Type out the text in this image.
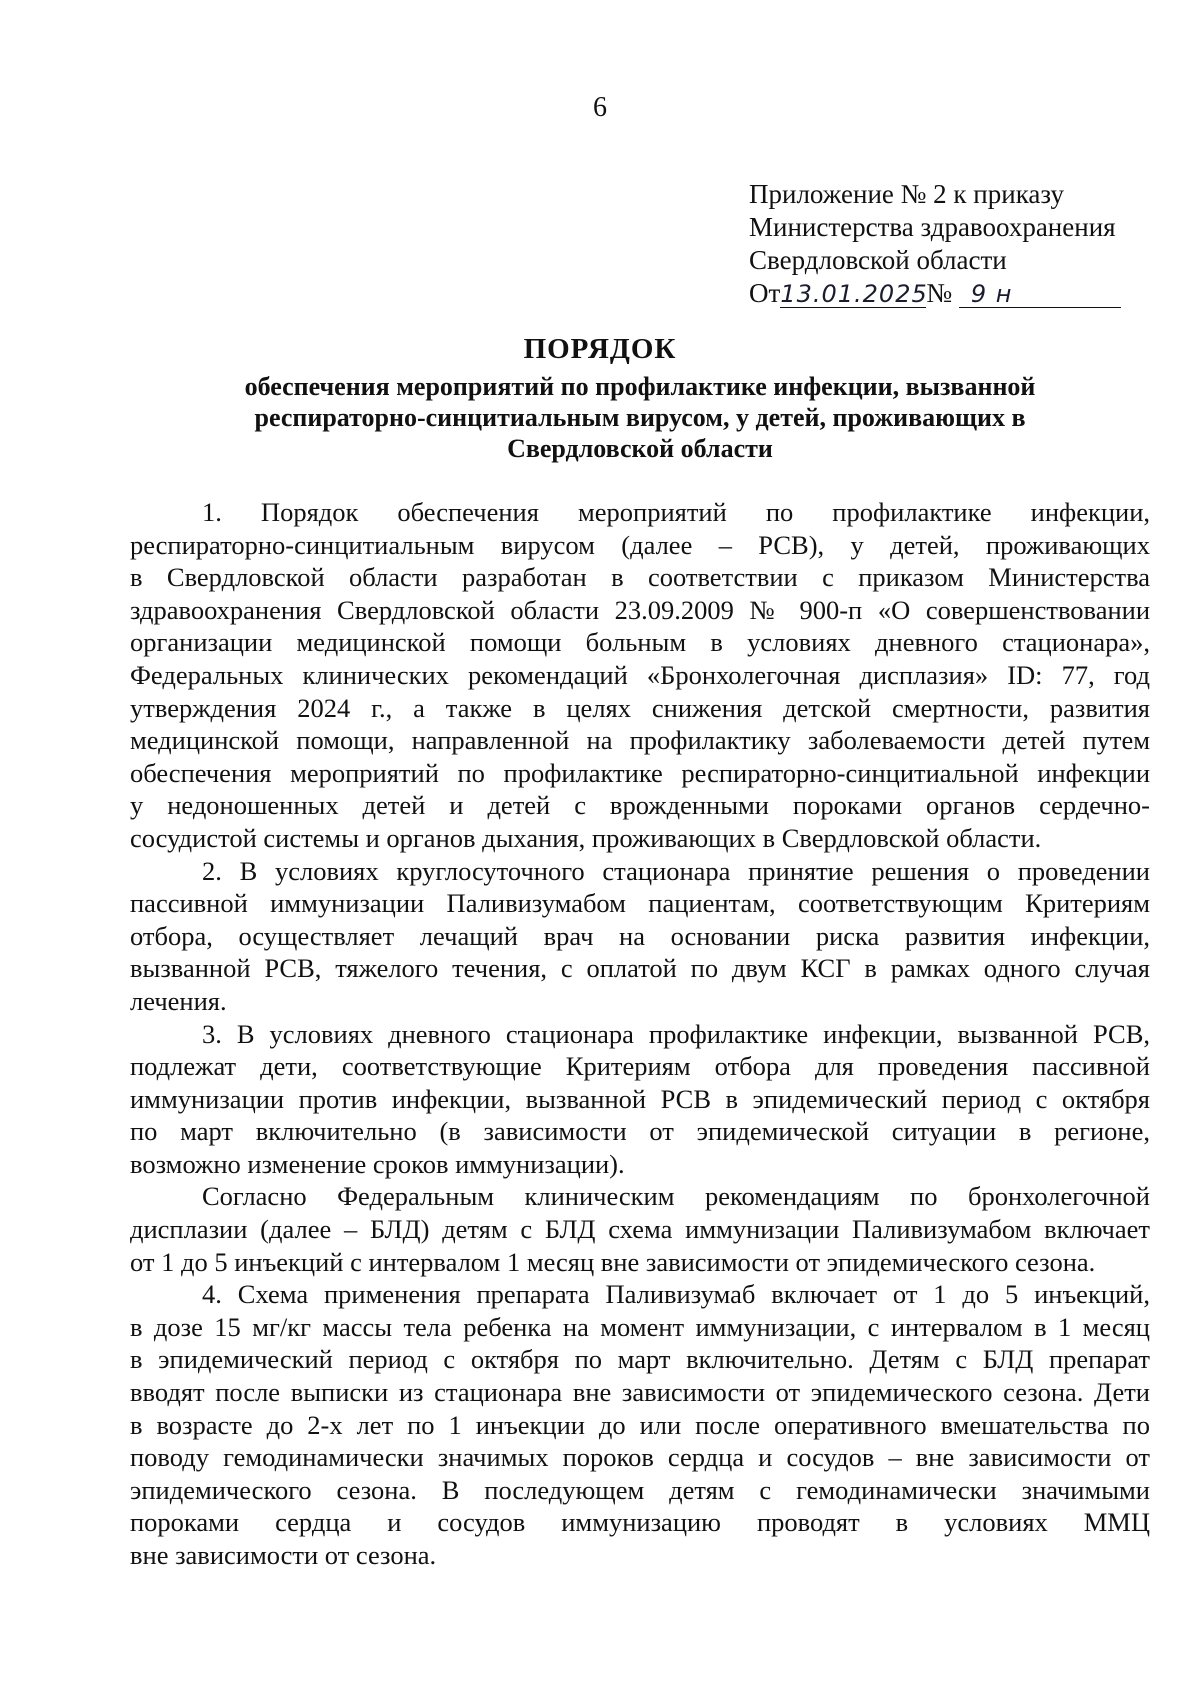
6
Приложение № 2 к приказу
Министерства здравоохранения
Свердловской области
От13.01.2025№ 9 н
ПОРЯДОК
обеспечения мероприятий по профилактике инфекции, вызванной
респираторно-синцитиальным вирусом, у детей, проживающих в
Свердловской области
1. Порядок обеспечения мероприятий по профилактике инфекции,
респираторно-синцитиальным вирусом (далее – РСВ), у детей, проживающих
в Свердловской области разработан в соответствии с приказом Министерства
здравоохранения Свердловской области 23.09.2009 № 900-п «О совершенствовании
организации медицинской помощи больным в условиях дневного стационара»,
Федеральных клинических рекомендаций «Бронхолегочная дисплазия» ID: 77, год
утверждения 2024 г., а также в целях снижения детской смертности, развития
медицинской помощи, направленной на профилактику заболеваемости детей путем
обеспечения мероприятий по профилактике респираторно-синцитиальной инфекции
у недоношенных детей и детей с врожденными пороками органов сердечно-
сосудистой системы и органов дыхания, проживающих в Свердловской области.
2. В условиях круглосуточного стационара принятие решения о проведении
пассивной иммунизации Паливизумабом пациентам, соответствующим Критериям
отбора, осуществляет лечащий врач на основании риска развития инфекции,
вызванной РСВ, тяжелого течения, с оплатой по двум КСГ в рамках одного случая
лечения.
3. В условиях дневного стационара профилактике инфекции, вызванной РСВ,
подлежат дети, соответствующие Критериям отбора для проведения пассивной
иммунизации против инфекции, вызванной РСВ в эпидемический период с октября
по март включительно (в зависимости от эпидемической ситуации в регионе,
возможно изменение сроков иммунизации).
Согласно Федеральным клиническим рекомендациям по бронхолегочной
дисплазии (далее – БЛД) детям с БЛД схема иммунизации Паливизумабом включает
от 1 до 5 инъекций с интервалом 1 месяц вне зависимости от эпидемического сезона.
4. Схема применения препарата Паливизумаб включает от 1 до 5 инъекций,
в дозе 15 мг/кг массы тела ребенка на момент иммунизации, с интервалом в 1 месяц
в эпидемический период с октября по март включительно. Детям с БЛД препарат
вводят после выписки из стационара вне зависимости от эпидемического сезона. Дети
в возрасте до 2-х лет по 1 инъекции до или после оперативного вмешательства по
поводу гемодинамически значимых пороков сердца и сосудов – вне зависимости от
эпидемического сезона. В последующем детям с гемодинамически значимыми
пороками сердца и сосудов иммунизацию проводят в условиях ММЦ
вне зависимости от сезона.
